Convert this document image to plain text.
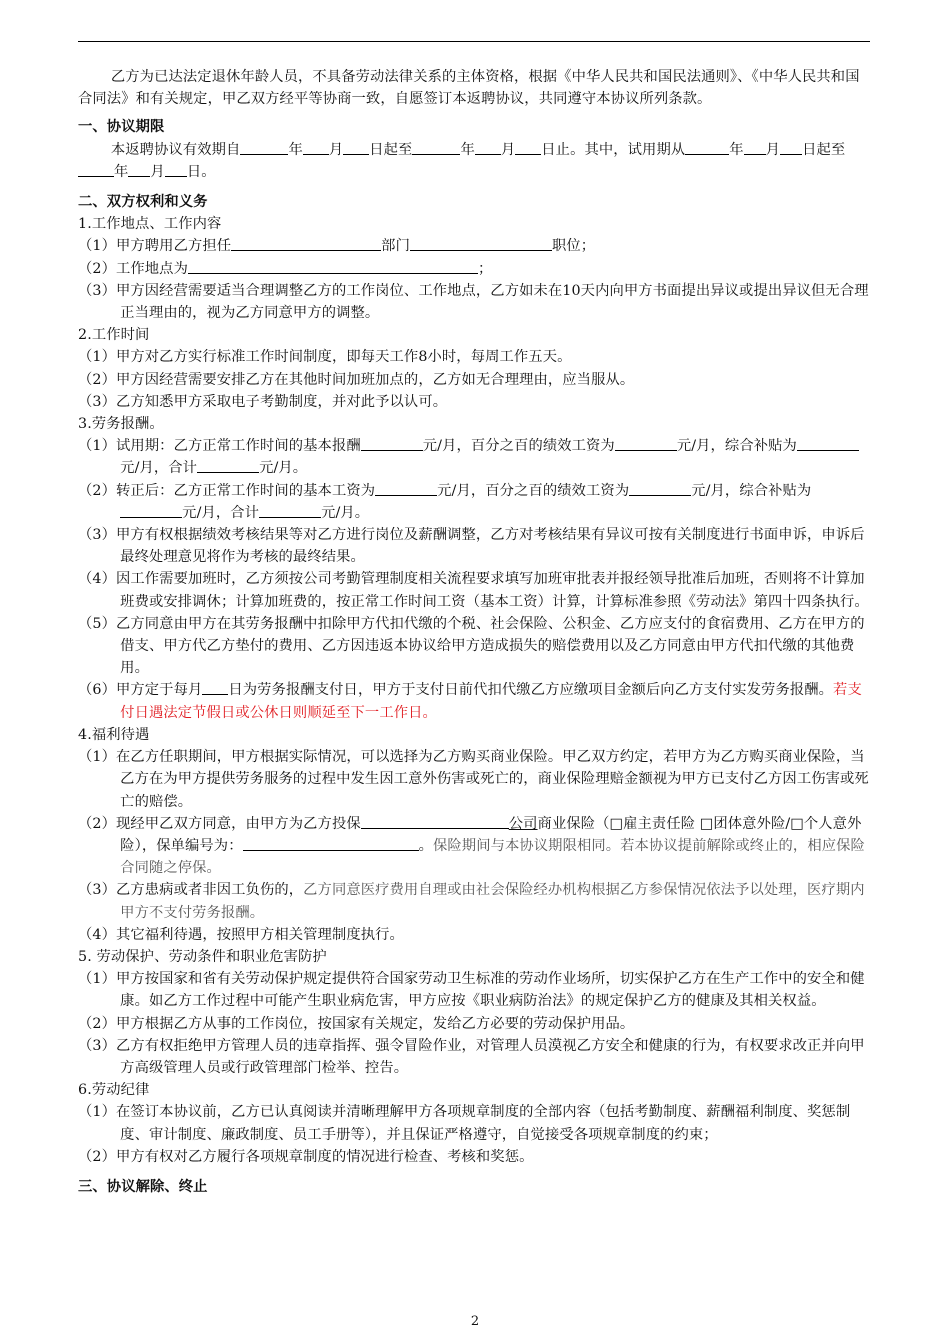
乙方为已达法定退休年龄人员，不具备劳动法律关系的主体资格，根据《中华人民共和国民法通则》、《中华人民共和国合同法》和有关规定，甲乙双方经平等协商一致，自愿签订本返聘协议，共同遵守本协议所列条款。

一、协议期限
本返聘协议有效期自	年 月 日起至	年 月 日止。其中，试用期从	年 月 日起至年 月 日。
二、双方权利和义务
1.工作地点、工作内容
（1）甲方聘用乙方担任	部门	职位；
（2）工作地点为	；
（3）甲方因经营需要适当合理调整乙方的工作岗位、工作地点，乙方如未在10天内向甲方书面提出异议或提出异议但无合理正当理由的，视为乙方同意甲方的调整。
2.工作时间
（1）甲方对乙方实行标准工作时间制度，即每天工作8小时，每周工作五天。
（2）甲方因经营需要安排乙方在其他时间加班加点的，乙方如无合理理由，应当服从。
（3）乙方知悉甲方采取电子考勤制度，并对此予以认可。
3.劳务报酬。
（1）试用期：乙方正常工作时间的基本报酬	元/月，百分之百的绩效工资为	元/月，综合补贴为元/月，合计	元/月。
（2）转正后：乙方正常工作时间的基本工资为	元/月，百分之百的绩效工资为	元/月，综合补贴为元/月，合计	元/月。
（3）甲方有权根据绩效考核结果等对乙方进行岗位及薪酬调整，乙方对考核结果有异议可按有关制度进行书面申诉，申诉后最终处理意见将作为考核的最终结果。
（4）因工作需要加班时，乙方须按公司考勤管理制度相关流程要求填写加班审批表并报经领导批准后加班，否则将不计算加班费或安排调休；计算加班费的，按正常工作时间工资（基本工资）计算，计算标准参照《劳动法》第四十四条执行。
（5）乙方同意由甲方在其劳务报酬中扣除甲方代扣代缴的个税、社会保险、公积金、乙方应支付的食宿费用、乙方在甲方的借支、甲方代乙方垫付的费用、乙方因违返本协议给甲方造成损失的赔偿费用以及乙方同意由甲方代扣代缴的其他费用。
（6）甲方定于每月 日为劳务报酬支付日，甲方于支付日前代扣代缴乙方应缴项目金额后向乙方支付实发劳务报酬。若支付日遇法定节假日或公休日则顺延至下一工作日。
4.福利待遇
（1）在乙方任职期间，甲方根据实际情况，可以选择为乙方购买商业保险。甲乙双方约定，若甲方为乙方购买商业保险，当乙方在为甲方提供劳务服务的过程中发生因工意外伤害或死亡的，商业保险理赔金额视为甲方已支付乙方因工伤害或死亡的赔偿。
（2）现经甲乙双方同意，由甲方为乙方投保	公司商业保险（□雇主责任险 □团体意外险/□个人意外险），保单编号为：	。保险期间与本协议期限相同。若本协议提前解除或终止的，相应保险合同随之停保。
（3）乙方患病或者非因工负伤的，乙方同意医疗费用自理或由社会保险经办机构根据乙方参保情况依法予以处理，医疗期内甲方不支付劳务报酬。
（4）其它福利待遇，按照甲方相关管理制度执行。
5. 劳动保护、劳动条件和职业危害防护
（1）甲方按国家和省有关劳动保护规定提供符合国家劳动卫生标准的劳动作业场所，切实保护乙方在生产工作中的安全和健康。如乙方工作过程中可能产生职业病危害，甲方应按《职业病防治法》的规定保护乙方的健康及其相关权益。
（2）甲方根据乙方从事的工作岗位，按国家有关规定，发给乙方必要的劳动保护用品。
（3）乙方有权拒绝甲方管理人员的违章指挥、强令冒险作业，对管理人员漠视乙方安全和健康的行为，有权要求改正并向甲方高级管理人员或行政管理部门检举、控告。
6.劳动纪律
（1）在签订本协议前，乙方已认真阅读并清晰理解甲方各项规章制度的全部内容（包括考勤制度、薪酬福利制度、奖惩制度、审计制度、廉政制度、员工手册等），并且保证严格遵守，自觉接受各项规章制度的约束；
（2）甲方有权对乙方履行各项规章制度的情况进行检查、考核和奖惩。
三、协议解除、终止
2
